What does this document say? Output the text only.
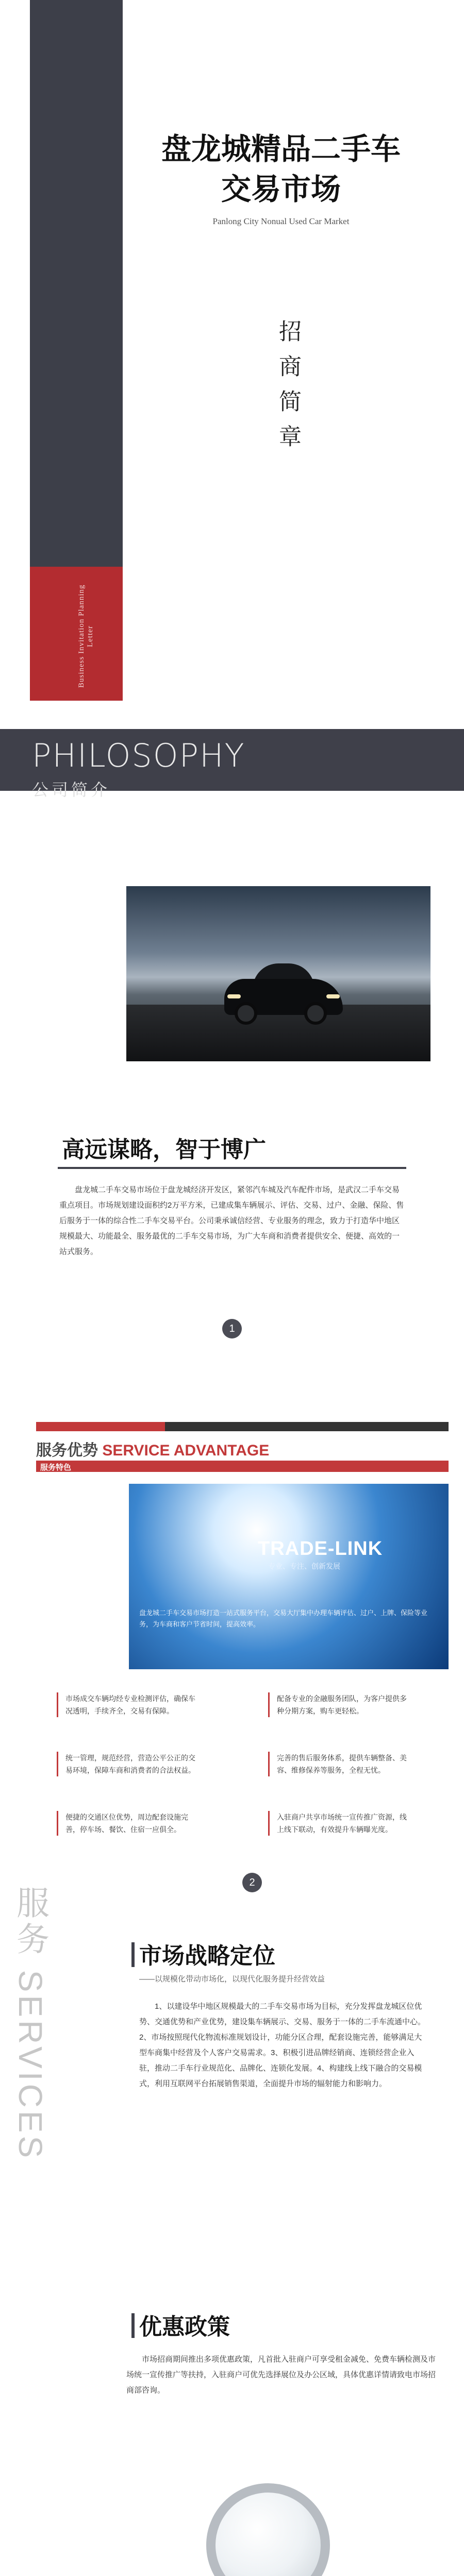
Business Invitation Planning Letter
盘龙城精品二手车
交易市场
Panlong City Nonual Used Car Market
招商简章
PHILOSOPHY
公司简介
高远谋略，智于博广
盘龙城二手车交易市场位于盘龙城经济开发区，紧邻汽车城及汽车配件市场，是武汉二手车交易重点项目。市场规划建设面积约2万平方米，已建成集车辆展示、评估、交易、过户、金融、保险、售后服务于一体的综合性二手车交易平台。公司秉承诚信经营、专业服务的理念，致力于打造华中地区规模最大、功能最全、服务最优的二手车交易市场，为广大车商和消费者提供安全、便捷、高效的一站式服务。
1
服务优势 SERVICE ADVANTAGE
服务特色
TRADE-LINK
专业、专注、创新发展
盘龙城二手车交易市场打造一站式服务平台，交易大厅集中办理车辆评估、过户、上牌、保险等业务，为车商和客户节省时间，提高效率。
市场成交车辆均经专业检测评估，确保车况透明，手续齐全，交易有保障。
配备专业的金融服务团队，为客户提供多种分期方案，购车更轻松。
统一管理，规范经营，营造公平公正的交易环境，保障车商和消费者的合法权益。
完善的售后服务体系，提供车辆整备、美容、维修保养等服务，全程无忧。
便捷的交通区位优势，周边配套设施完善，停车场、餐饮、住宿一应俱全。
入驻商户共享市场统一宣传推广资源，线上线下联动，有效提升车辆曝光度。
2
服务 SERVICES	市场战略定位
——以规模化带动市场化，以现代化服务提升经营效益
1、以建设华中地区规模最大的二手车交易市场为目标，充分发挥盘龙城区位优势、交通优势和产业优势，建设集车辆展示、交易、服务于一体的二手车流通中心。2、市场按照现代化物流标准规划设计，功能分区合理，配套设施完善，能够满足大型车商集中经营及个人客户交易需求。3、积极引进品牌经销商、连锁经营企业入驻，推动二手车行业规范化、品牌化、连锁化发展。4、构建线上线下融合的交易模式，利用互联网平台拓展销售渠道，全面提升市场的辐射能力和影响力。
优惠政策
市场招商期间推出多项优惠政策，凡首批入驻商户可享受租金减免、免费车辆检测及市场统一宣传推广等扶持，入驻商户可优先选择展位及办公区域，具体优惠详情请致电市场招商部咨询。
